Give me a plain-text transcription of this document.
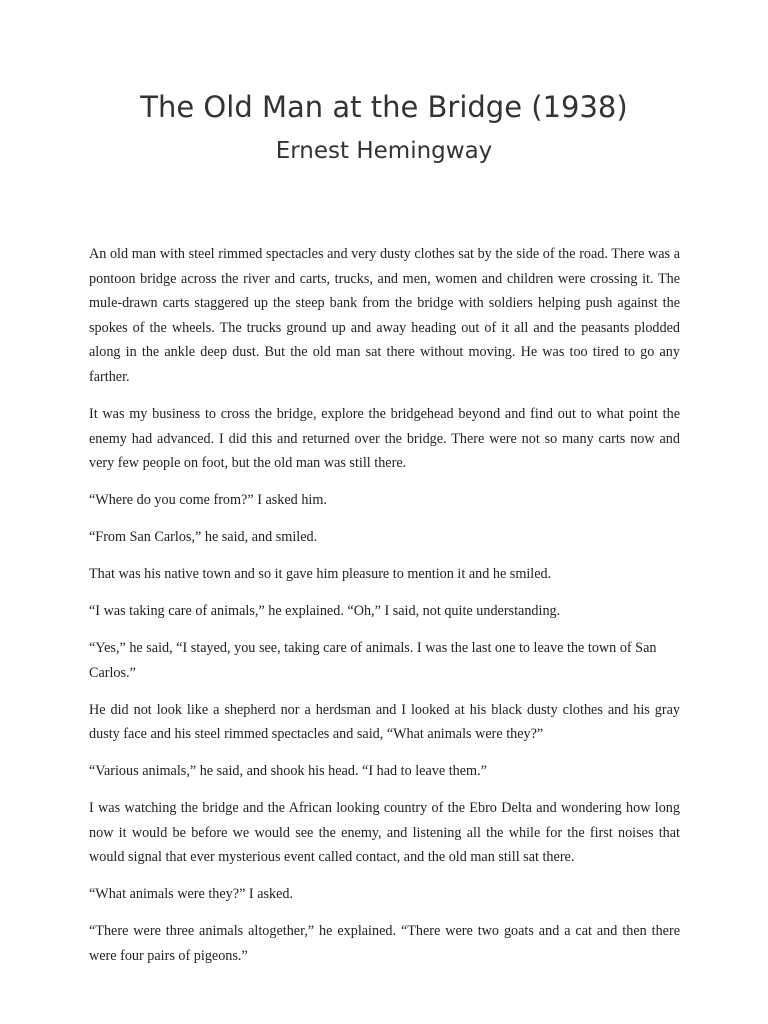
The Old Man at the Bridge (1938)
Ernest Hemingway

An old man with steel rimmed spectacles and very dusty clothes sat by the side of the road. There was a pontoon bridge across the river and carts, trucks, and men, women and children were crossing it. The mule-drawn carts staggered up the steep bank from the bridge with soldiers helping push against the spokes of the wheels. The trucks ground up and away heading out of it all and the peasants plodded along in the ankle deep dust. But the old man sat there without moving. He was too tired to go any farther.

It was my business to cross the bridge, explore the bridgehead beyond and find out to what point the enemy had advanced. I did this and returned over the bridge. There were not so many carts now and very few people on foot, but the old man was still there.

“Where do you come from?” I asked him.

“From San Carlos,” he said, and smiled.

That was his native town and so it gave him pleasure to mention it and he smiled.

“I was taking care of animals,” he explained. “Oh,” I said, not quite understanding.

“Yes,” he said, “I stayed, you see, taking care of animals. I was the last one to leave the town of San Carlos.”

He did not look like a shepherd nor a herdsman and I looked at his black dusty clothes and his gray dusty face and his steel rimmed spectacles and said, “What animals were they?”

“Various animals,” he said, and shook his head. “I had to leave them.”

I was watching the bridge and the African looking country of the Ebro Delta and wondering how long now it would be before we would see the enemy, and listening all the while for the first noises that would signal that ever mysterious event called contact, and the old man still sat there.

“What animals were they?” I asked.

“There were three animals altogether,” he explained. “There were two goats and a cat and then there were four pairs of pigeons.”
